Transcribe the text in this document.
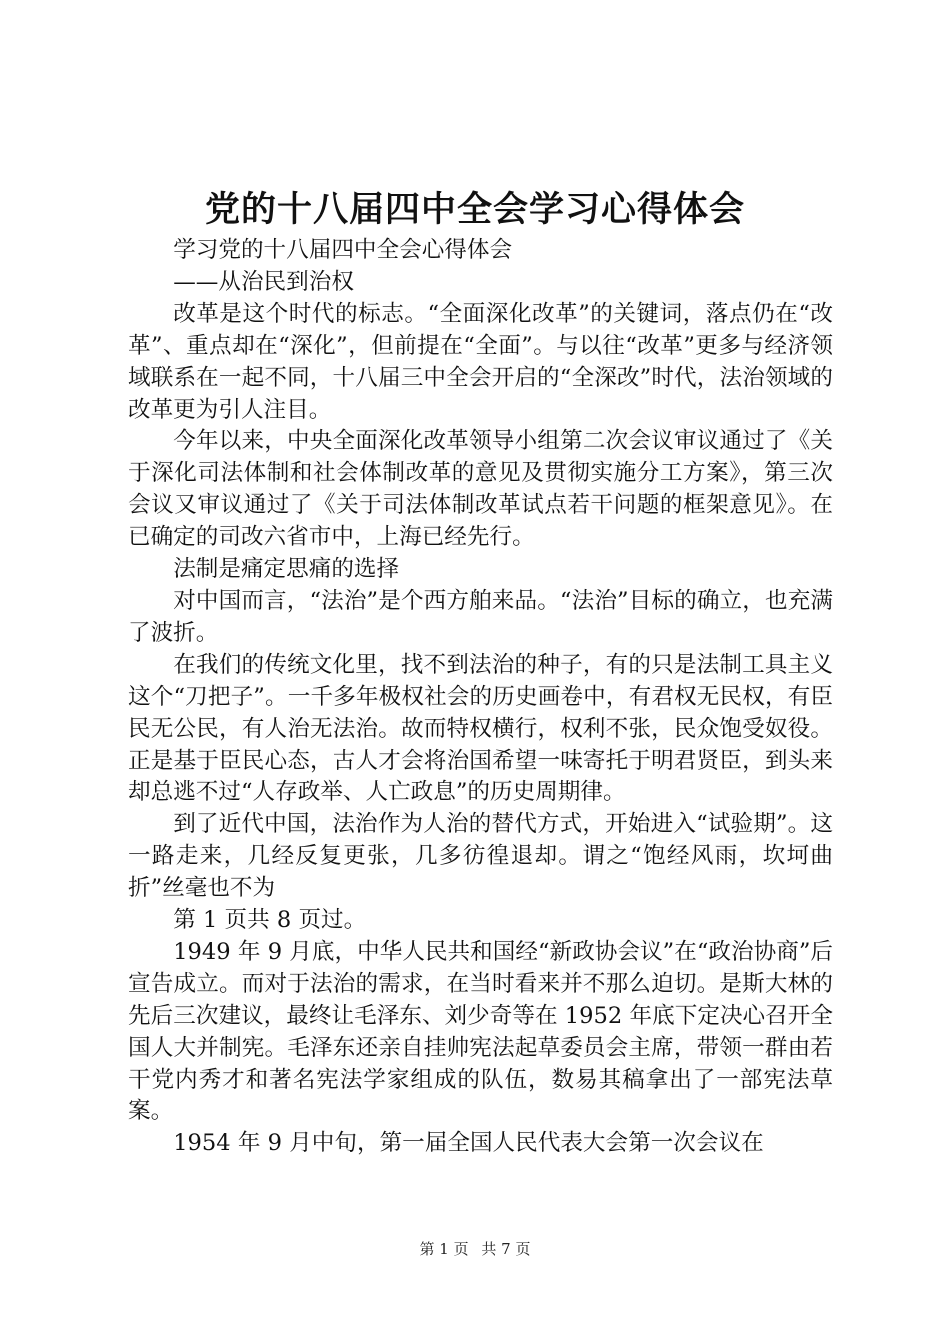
党的十八届四中全会学习心得体会

学习党的十八届四中全会心得体会

——从治民到治权

改革是这个时代的标志。“全面深化改革”的关键词，落点仍在“改革”、重点却在“深化”，但前提在“全面”。与以往“改革”更多与经济领域联系在一起不同，十八届三中全会开启的“全深改”时代，法治领域的改革更为引人注目。

今年以来，中央全面深化改革领导小组第二次会议审议通过了《关于深化司法体制和社会体制改革的意见及贯彻实施分工方案》，第三次会议又审议通过了《关于司法体制改革试点若干问题的框架意见》。在已确定的司改六省市中，上海已经先行。

法制是痛定思痛的选择

对中国而言，“法治”是个西方舶来品。“法治”目标的确立，也充满了波折。

在我们的传统文化里，找不到法治的种子，有的只是法制工具主义这个“刀把子”。一千多年极权社会的历史画卷中，有君权无民权，有臣民无公民，有人治无法治。故而特权横行，权利不张，民众饱受奴役。正是基于臣民心态，古人才会将治国希望一味寄托于明君贤臣，到头来却总逃不过“人存政举、人亡政息”的历史周期律。

到了近代中国，法治作为人治的替代方式，开始进入“试验期”。这一路走来，几经反复更张，几多彷徨退却。谓之“饱经风雨，坎坷曲折”丝毫也不为

第 1 页共 8 页过。

1949 年 9 月底，中华人民共和国经“新政协会议”在“政治协商”后宣告成立。而对于法治的需求，在当时看来并不那么迫切。是斯大林的先后三次建议，最终让毛泽东、刘少奇等在 1952 年底下定决心召开全国人大并制宪。毛泽东还亲自挂帅宪法起草委员会主席，带领一群由若干党内秀才和著名宪法学家组成的队伍，数易其稿拿出了一部宪法草案。

1954 年 9 月中旬，第一届全国人民代表大会第一次会议在

第 1 页 共 7 页
